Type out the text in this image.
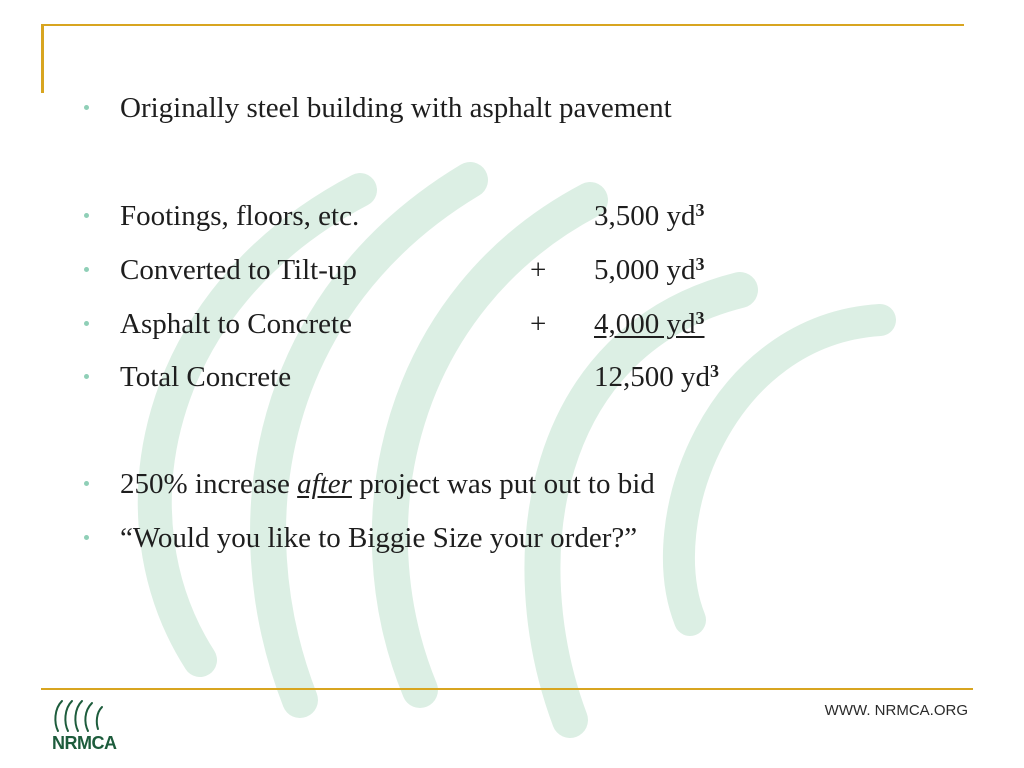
Originally steel building with asphalt pavement
Footings, floors, etc.	3,500 $yd^3$
Converted to Tilt-up	+ 5,000 $yd^3$
Asphalt to Concrete	+ 4,000 $yd^3$
Total Concrete	12,500 $yd^3$
250% increase after project was put out to bid
“Would you like to Biggie Size your order?”
NRMCA
WWW. NRMCA.ORG
